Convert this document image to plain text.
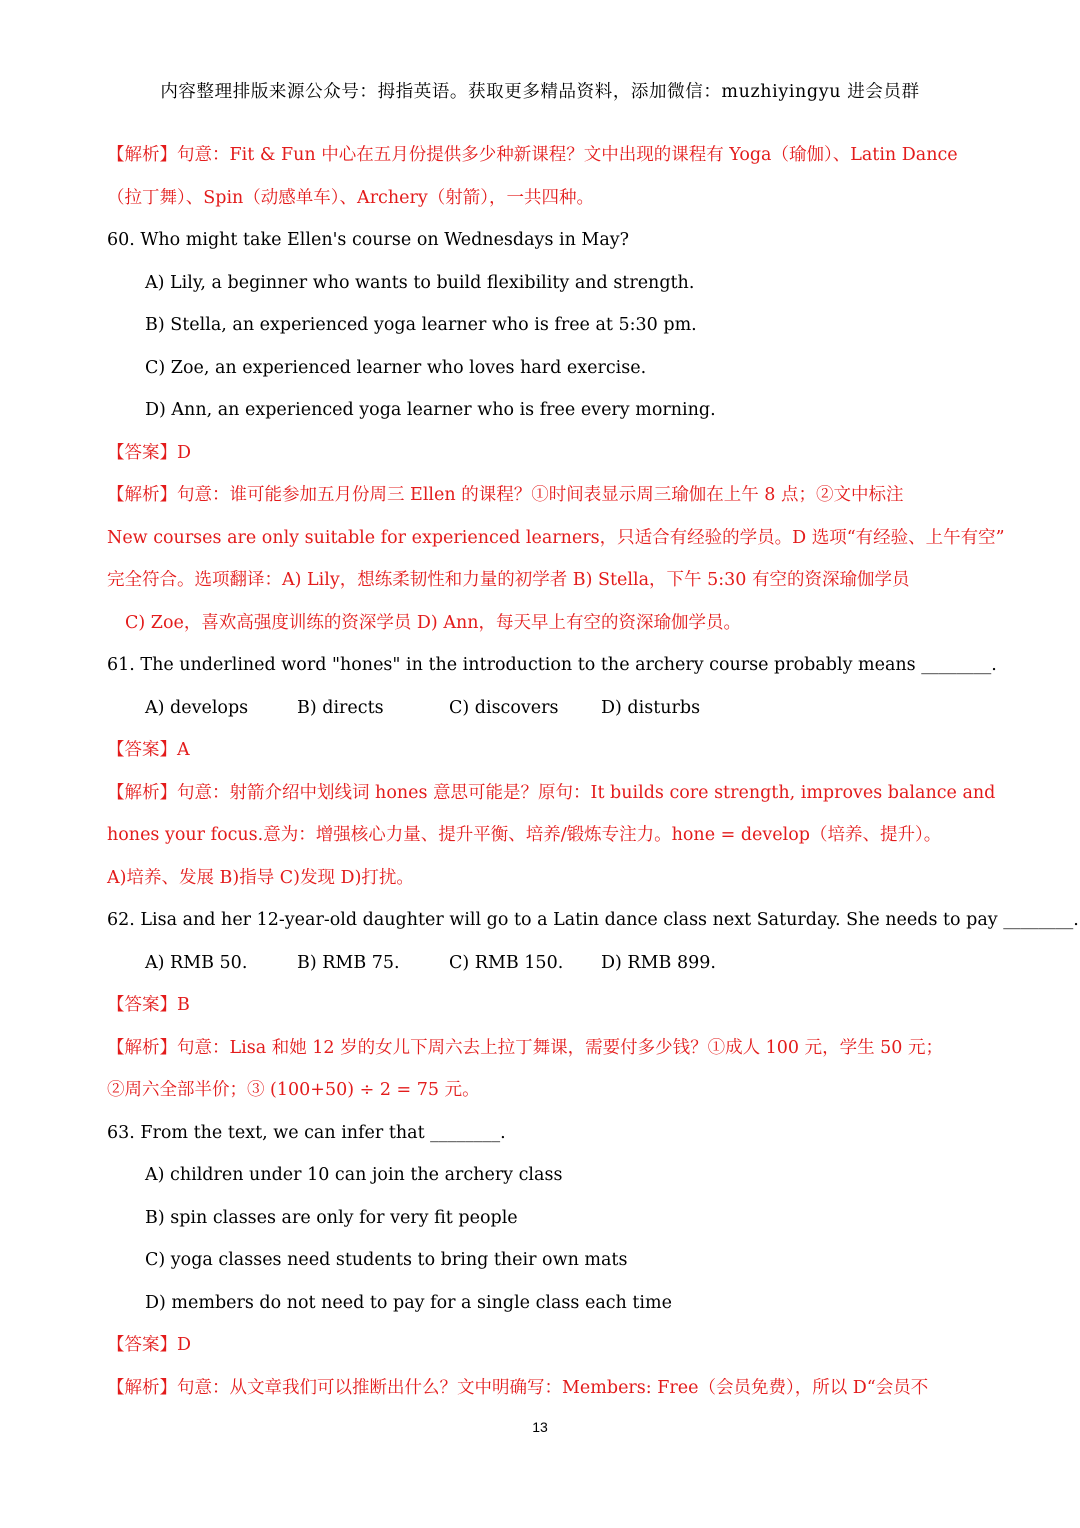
内容整理排版来源公众号：拇指英语。获取更多精品资料，添加微信：muzhiyingyu 进会员群
【解析】句意：Fit & Fun 中心在五月份提供多少种新课程？文中出现的课程有 Yoga（瑜伽）、Latin Dance
（拉丁舞）、Spin（动感单车）、Archery（射箭），一共四种。
60. Who might take Ellen's course on Wednesdays in May?
A) Lily, a beginner who wants to build flexibility and strength.
B) Stella, an experienced yoga learner who is free at 5:30 pm.
C) Zoe, an experienced learner who loves hard exercise.
D) Ann, an experienced yoga learner who is free every morning.
【答案】D
【解析】句意：谁可能参加五月份周三 Ellen 的课程？①时间表显示周三瑜伽在上午 8 点；②文中标注
New courses are only suitable for experienced learners，只适合有经验的学员。D 选项“有经验、上午有空”
完全符合。选项翻译：A) Lily，想练柔韧性和力量的初学者 B) Stella，下午 5:30 有空的资深瑜伽学员
C) Zoe，喜欢高强度训练的资深学员 D) Ann，每天早上有空的资深瑜伽学员。
61. The underlined word "hones" in the introduction to the archery course probably means ________.
A) develops	B) directs	C) discovers D) disturbs
【答案】A
【解析】句意：射箭介绍中划线词 hones 意思可能是？原句：It builds core strength, improves balance and
hones your focus.意为：增强核心力量、提升平衡、培养/锻炼专注力。hone = develop（培养、提升）。
A)培养、发展 B)指导 C)发现 D)打扰。
62. Lisa and her 12-year-old daughter will go to a Latin dance class next Saturday. She needs to pay ________.
A) RMB 50.	B) RMB 75.	C) RMB 150. D) RMB 899.
【答案】B
【解析】句意：Lisa 和她 12 岁的女儿下周六去上拉丁舞课，需要付多少钱？①成人 100 元，学生 50 元；
②周六全部半价；③ (100+50) ÷ 2 = 75 元。
63. From the text, we can infer that ________.
A) children under 10 can join the archery class
B) spin classes are only for very fit people
C) yoga classes need students to bring their own mats
D) members do not need to pay for a single class each time
【答案】D
【解析】句意：从文章我们可以推断出什么？文中明确写：Members: Free（会员免费），所以 D“会员不
13
